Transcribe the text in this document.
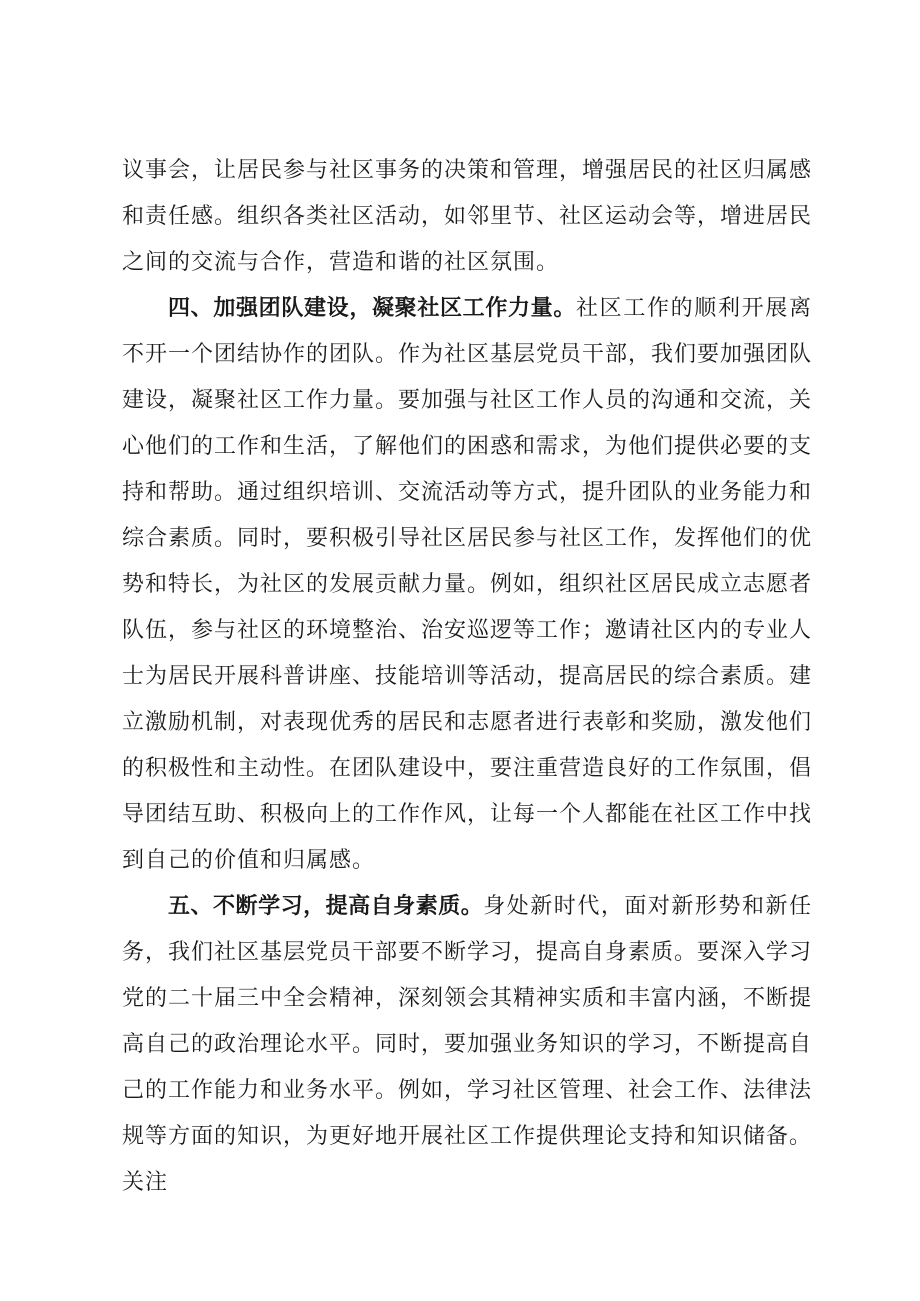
议事会，让居民参与社区事务的决策和管理，增强居民的社区归属感和责任感。组织各类社区活动，如邻里节、社区运动会等，增进居民之间的交流与合作，营造和谐的社区氛围。

四、加强团队建设，凝聚社区工作力量。社区工作的顺利开展离不开一个团结协作的团队。作为社区基层党员干部，我们要加强团队建设，凝聚社区工作力量。要加强与社区工作人员的沟通和交流，关心他们的工作和生活，了解他们的困惑和需求，为他们提供必要的支持和帮助。通过组织培训、交流活动等方式，提升团队的业务能力和综合素质。同时，要积极引导社区居民参与社区工作，发挥他们的优势和特长，为社区的发展贡献力量。例如，组织社区居民成立志愿者队伍，参与社区的环境整治、治安巡逻等工作；邀请社区内的专业人士为居民开展科普讲座、技能培训等活动，提高居民的综合素质。建立激励机制，对表现优秀的居民和志愿者进行表彰和奖励，激发他们的积极性和主动性。在团队建设中，要注重营造良好的工作氛围，倡导团结互助、积极向上的工作作风，让每一个人都能在社区工作中找到自己的价值和归属感。

五、不断学习，提高自身素质。身处新时代，面对新形势和新任务，我们社区基层党员干部要不断学习，提高自身素质。要深入学习党的二十届三中全会精神，深刻领会其精神实质和丰富内涵，不断提高自己的政治理论水平。同时，要加强业务知识的学习，不断提高自己的工作能力和业务水平。例如，学习社区管理、社会工作、法律法规等方面的知识，为更好地开展社区工作提供理论支持和知识储备。关注
